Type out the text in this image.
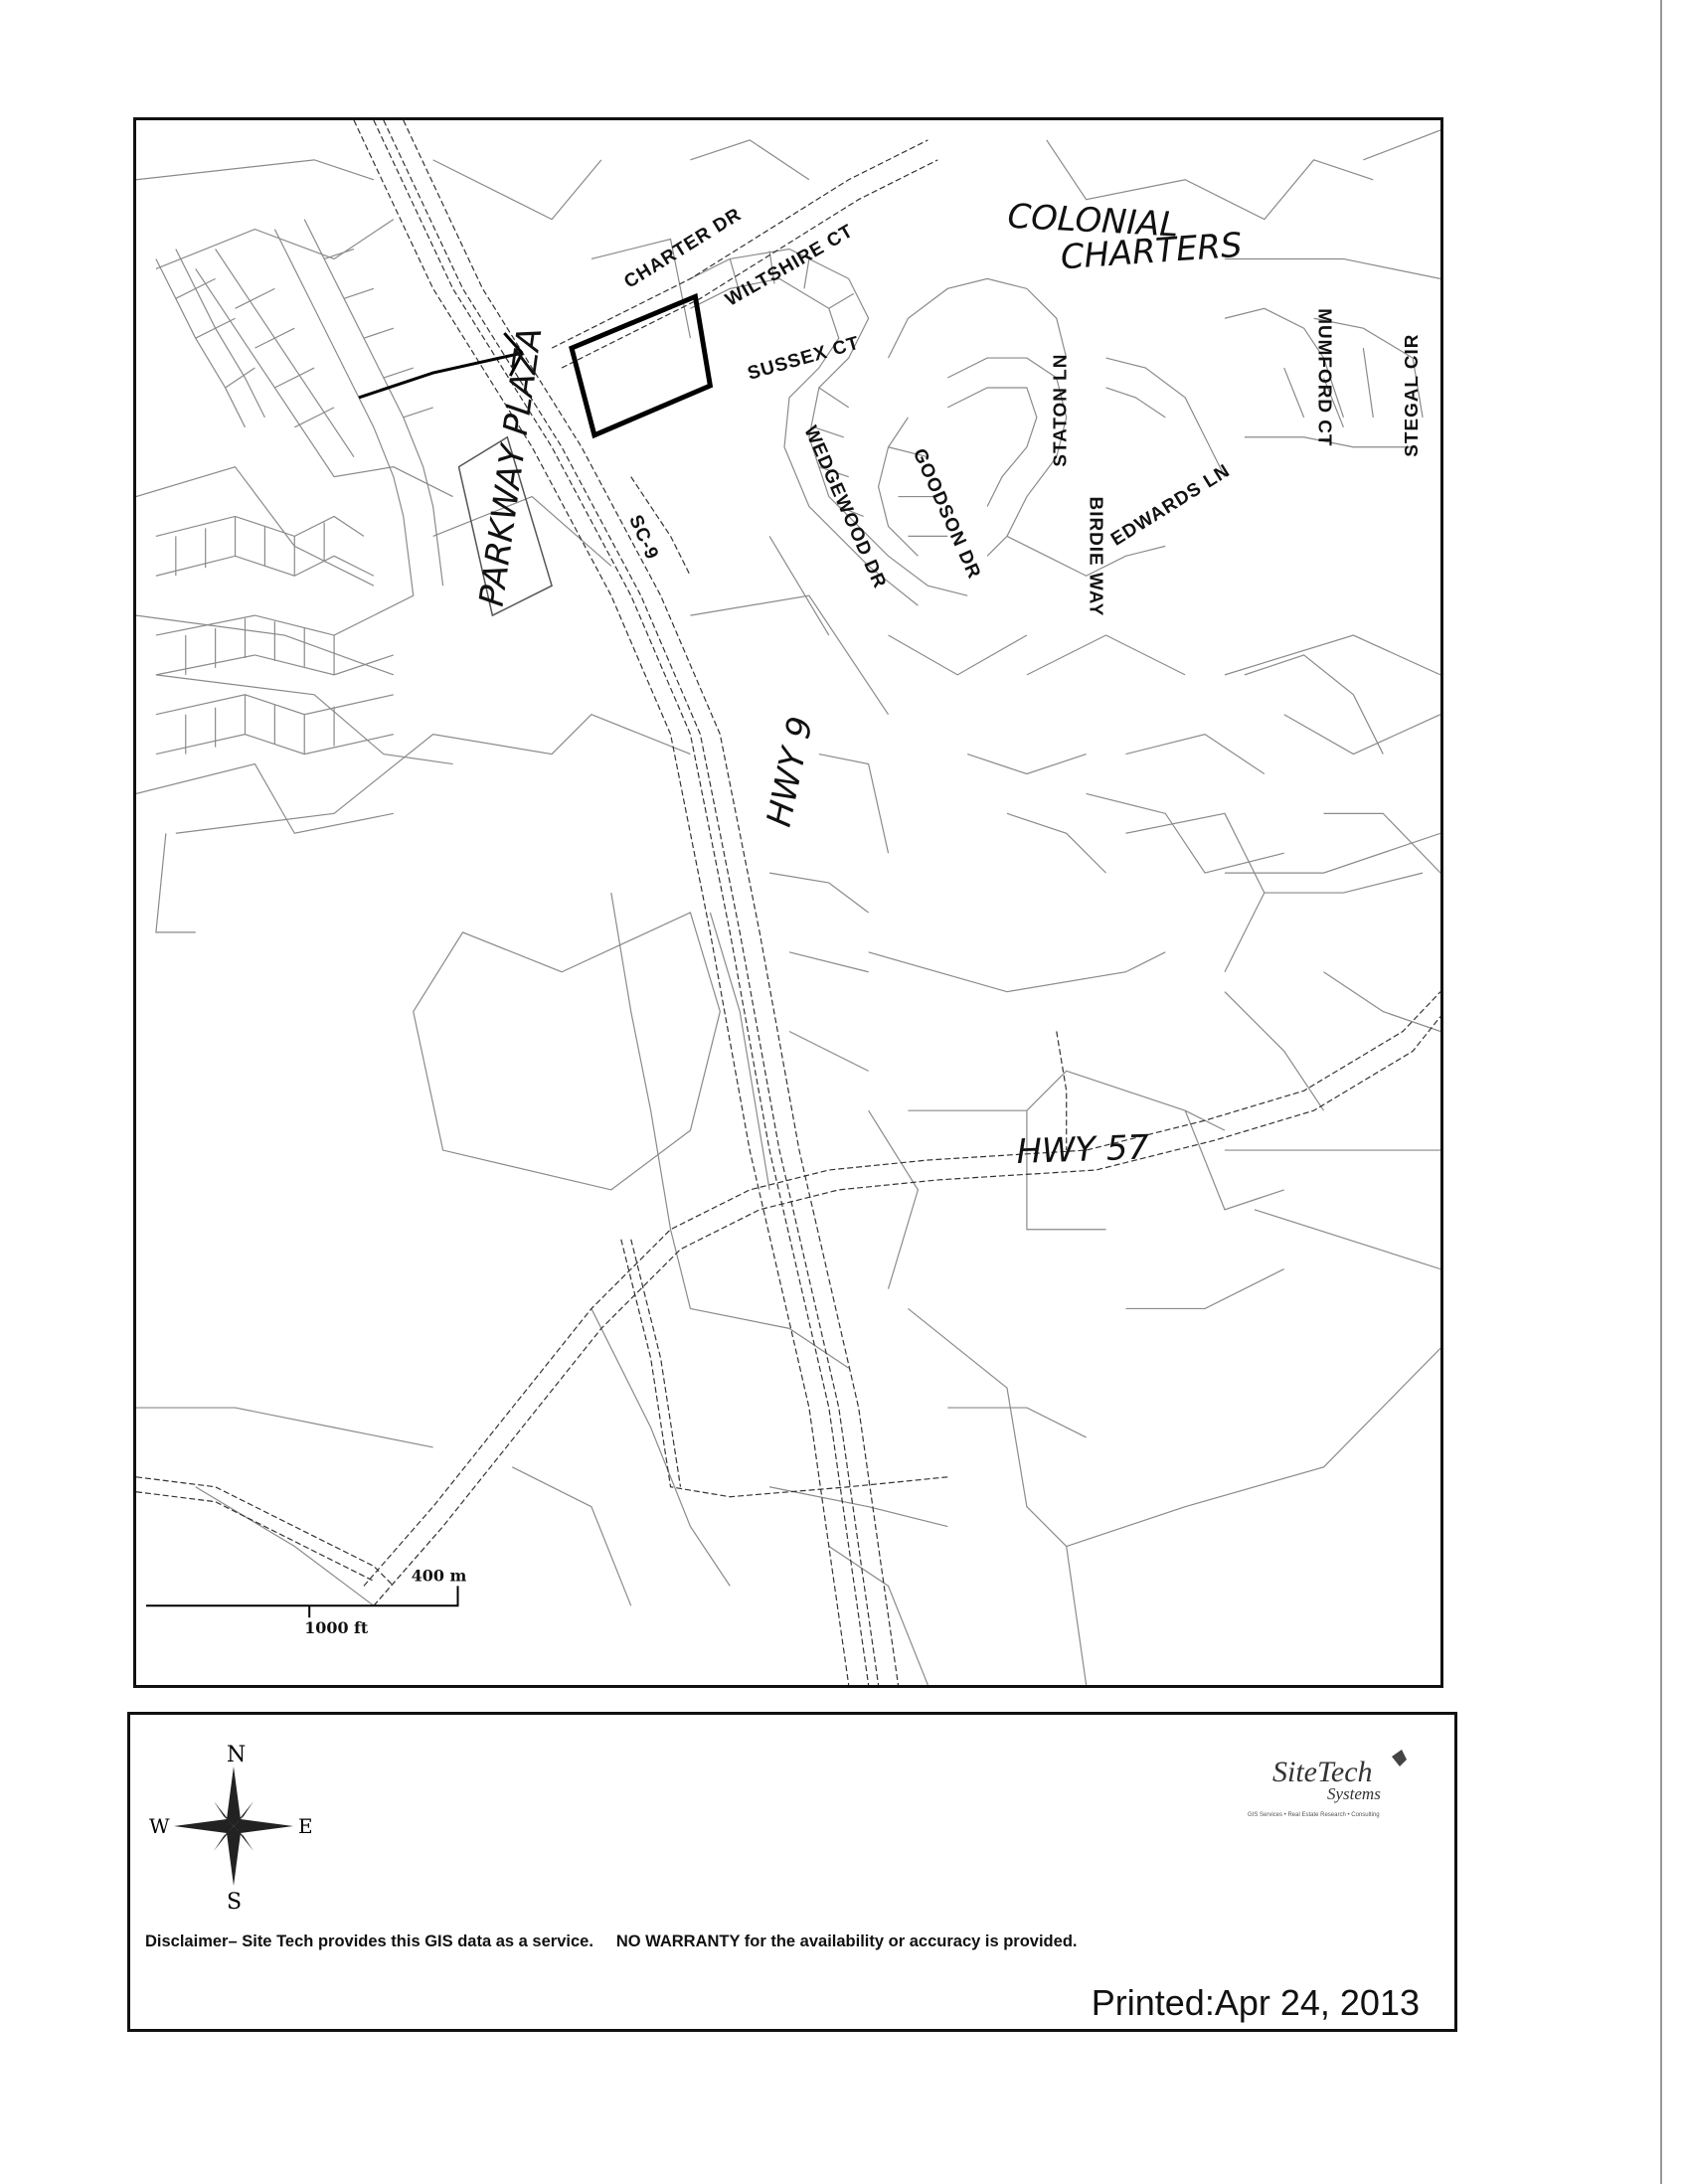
CHARTER DR
WILTSHIRE CT
SUSSEX CT
WEDGEWOOD DR GOODSON DR
STATON LN
BIRDIE WAY EDWARDS LN
MUMFORD CT	STEGAL CIR
SC-9
COLONIAL
CHARTERS
PARKWAY PLAZA
HWY 9
HWY 57
400 m
1000 ft
N
S
E
W
SiteTech
Systems
GIS Services • Real Estate Research • Consulting
Disclaimer– Site Tech provides this GIS data as a service.     NO WARRANTY for the availability or accuracy is provided.
Printed:Apr 24, 2013
